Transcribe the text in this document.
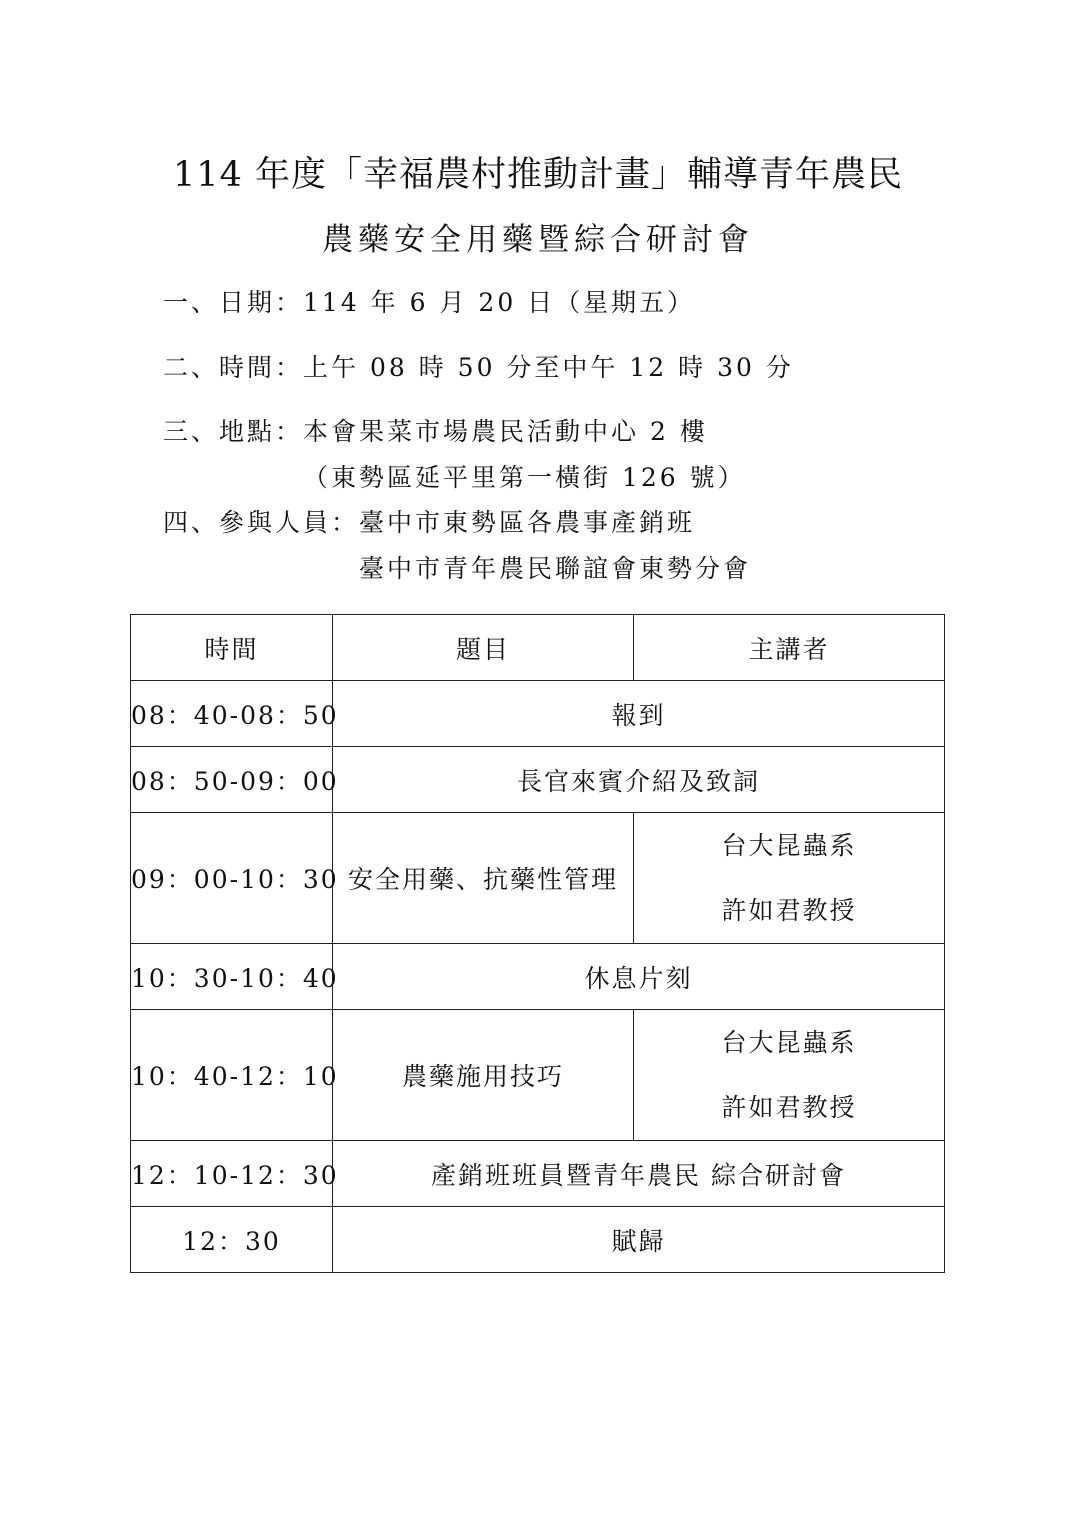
114 年度「幸福農村推動計畫」輔導青年農民
農藥安全用藥暨綜合研討會
一、日期： 114 年 6 月 20 日（星期五）
二、時間： 上午 08 時 50 分至中午 12 時 30 分
三、地點： 本會果菜市場農民活動中心 2 樓
（東勢區延平里第一橫街 126 號）
四、參與人員： 臺中市東勢區各農事產銷班
臺中市青年農民聯誼會東勢分會
時間	題目	主講者
08：40-08：50	報到	
08：50-09：00	長官來賓介紹及致詞	
09：00-10：30	安全用藥、抗藥性管理	台大昆蟲系
許如君教授

10：30-10：40	休息片刻	
10：40-12：10	農藥施用技巧	台大昆蟲系
許如君教授

12：10-12：30	產銷班班員暨青年農民 綜合研討會	
12：30	賦歸	
